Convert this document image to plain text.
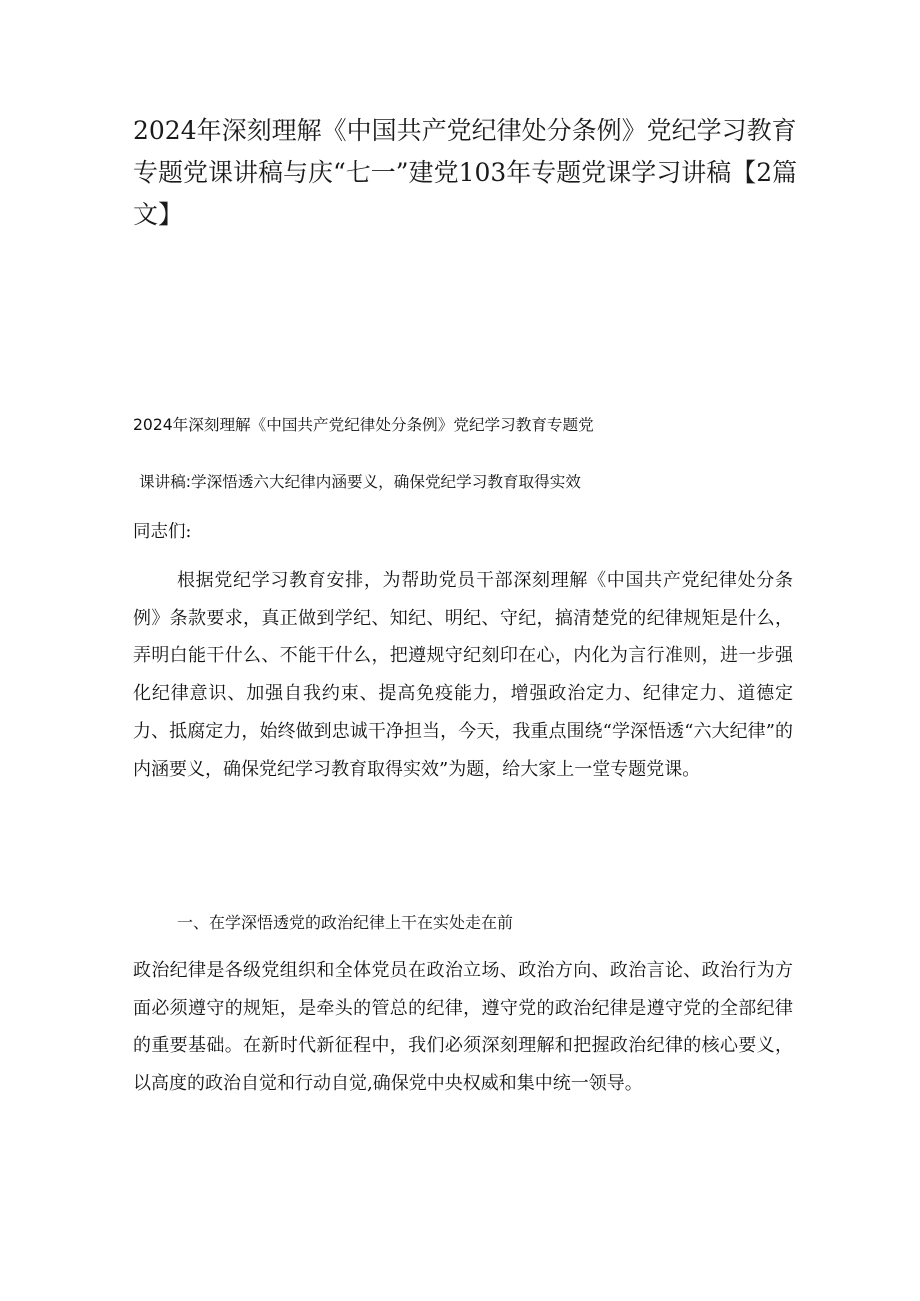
2024年深刻理解《中国共产党纪律处分条例》党纪学习教育专题党课讲稿与庆“七一”建党103年专题党课学习讲稿【2篇文】

2024年深刻理解《中国共产党纪律处分条例》党纪学习教育专题党

课讲稿:学深悟透六大纪律内涵要义，确保党纪学习教育取得实效

同志们:

根据党纪学习教育安排，为帮助党员干部深刻理解《中国共产党纪律处分条例》条款要求，真正做到学纪、知纪、明纪、守纪，搞清楚党的纪律规矩是什么，弄明白能干什么、不能干什么，把遵规守纪刻印在心，内化为言行准则，进一步强化纪律意识、加强自我约束、提高免疫能力，增强政治定力、纪律定力、道德定力、抵腐定力，始终做到忠诚干净担当，今天，我重点围绕“学深悟透“六大纪律”的内涵要义，确保党纪学习教育取得实效”为题，给大家上一堂专题党课。

一、在学深悟透党的政治纪律上干在实处走在前

政治纪律是各级党组织和全体党员在政治立场、政治方向、政治言论、政治行为方面必须遵守的规矩，是牵头的管总的纪律，遵守党的政治纪律是遵守党的全部纪律的重要基础。在新时代新征程中，我们必须深刻理解和把握政治纪律的核心要义，以高度的政治自觉和行动自觉,确保党中央权威和集中统一领导。
